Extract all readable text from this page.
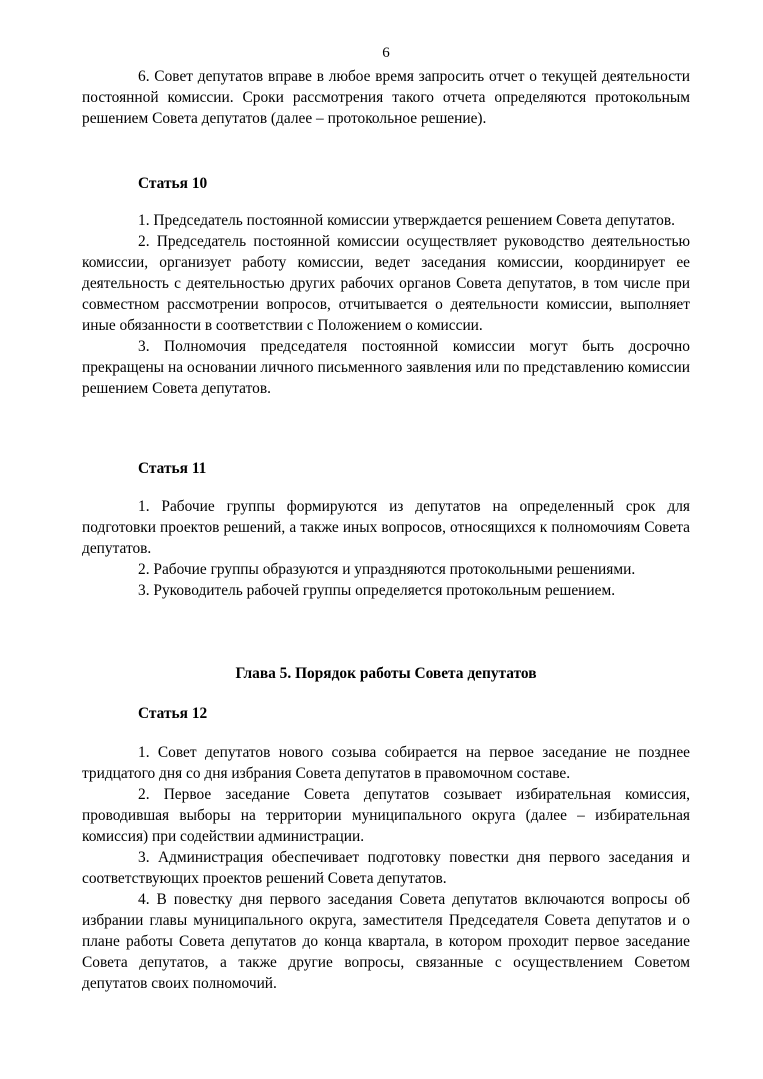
6

6. Совет депутатов вправе в любое время запросить отчет о текущей деятельности постоянной комиссии. Сроки рассмотрения такого отчета определяются протокольным решением Совета депутатов (далее – протокольное решение).

Статья 10

1. Председатель постоянной комиссии утверждается решением Совета депутатов.

2. Председатель постоянной комиссии осуществляет руководство деятельностью комиссии, организует работу комиссии, ведет заседания комиссии, координирует ее деятельность с деятельностью других рабочих органов Совета депутатов, в том числе при совместном рассмотрении вопросов, отчитывается о деятельности комиссии, выполняет иные обязанности в соответствии с Положением о комиссии.

3. Полномочия председателя постоянной комиссии могут быть досрочно прекращены на основании личного письменного заявления или по представлению комиссии решением Совета депутатов.

Статья 11

1. Рабочие группы формируются из депутатов на определенный срок для подготовки проектов решений, а также иных вопросов, относящихся к полномочиям Совета депутатов.

2. Рабочие группы образуются и упраздняются протокольными решениями.

3. Руководитель рабочей группы определяется протокольным решением.

Глава 5. Порядок работы Совета депутатов

Статья 12

1. Совет депутатов нового созыва собирается на первое заседание не позднее тридцатого дня со дня избрания Совета депутатов в правомочном составе.

2. Первое заседание Совета депутатов созывает избирательная комиссия, проводившая выборы на территории муниципального округа (далее – избирательная комиссия) при содействии администрации.

3. Администрация обеспечивает подготовку повестки дня первого заседания и соответствующих проектов решений Совета депутатов.

4. В повестку дня первого заседания Совета депутатов включаются вопросы об избрании главы муниципального округа, заместителя Председателя Совета депутатов и о плане работы Совета депутатов до конца квартала, в котором проходит первое заседание Совета депутатов, а также другие вопросы, связанные с осуществлением Советом депутатов своих полномочий.
